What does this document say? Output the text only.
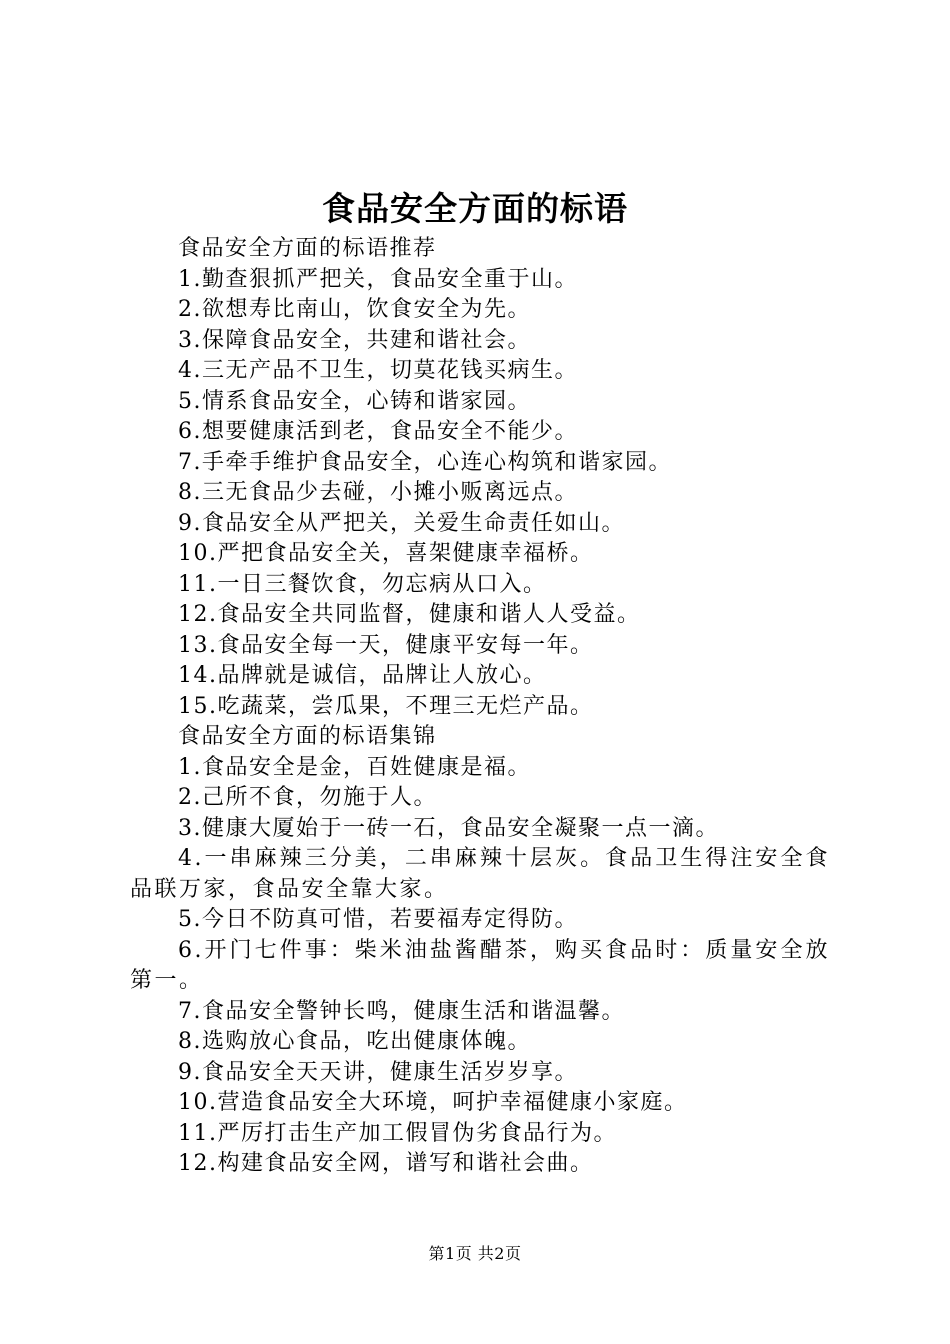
食品安全方面的标语
食品安全方面的标语推荐
1.勤查狠抓严把关，食品安全重于山。
2.欲想寿比南山，饮食安全为先。
3.保障食品安全，共建和谐社会。
4.三无产品不卫生，切莫花钱买病生。
5.情系食品安全，心铸和谐家园。
6.想要健康活到老，食品安全不能少。
7.手牵手维护食品安全，心连心构筑和谐家园。
8.三无食品少去碰，小摊小贩离远点。
9.食品安全从严把关，关爱生命责任如山。
10.严把食品安全关，喜架健康幸福桥。
11.一日三餐饮食，勿忘病从口入。
12.食品安全共同监督，健康和谐人人受益。
13.食品安全每一天，健康平安每一年。
14.品牌就是诚信，品牌让人放心。
15.吃蔬菜，尝瓜果，不理三无烂产品。
食品安全方面的标语集锦
1.食品安全是金，百姓健康是福。
2.己所不食，勿施于人。
3.健康大厦始于一砖一石，食品安全凝聚一点一滴。
4.一串麻辣三分美，二串麻辣十层灰。食品卫生得注安全食品联万家，食品安全靠大家。
5.今日不防真可惜，若要福寿定得防。
6.开门七件事：柴米油盐酱醋茶，购买食品时：质量安全放第一。
7.食品安全警钟长鸣，健康生活和谐温馨。
8.选购放心食品，吃出健康体魄。
9.食品安全天天讲，健康生活岁岁享。
10.营造食品安全大环境，呵护幸福健康小家庭。
11.严厉打击生产加工假冒伪劣食品行为。
12.构建食品安全网，谱写和谐社会曲。
第1页 共2页
